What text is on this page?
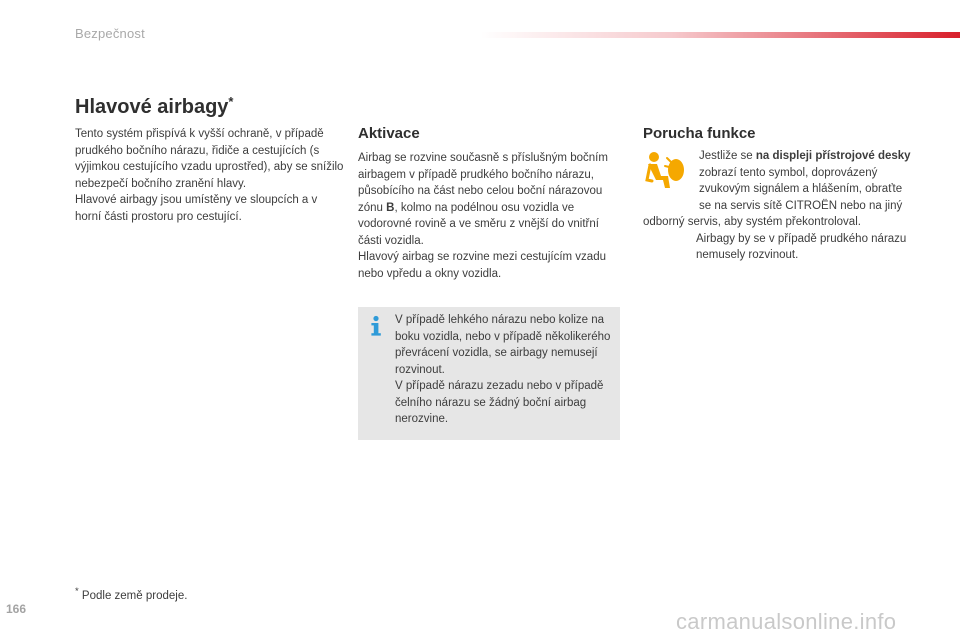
Bezpečnost
Hlavové airbagy*

Tento systém přispívá k vyšší ochraně, v případě prudkého bočního nárazu, řidiče a cestujících (s výjimkou cestujícího vzadu uprostřed), aby se snížilo nebezpečí bočního zranění hlavy.

Hlavové airbagy jsou umístěny ve sloupcích a v horní části prostoru pro cestující.

Aktivace

Airbag se rozvine současně s příslušným bočním airbagem v případě prudkého bočního nárazu, působícího na část nebo celou boční nárazovou zónu B, kolmo na podélnou osu vozidla ve vodorovné rovině a ve směru z vnější do vnitřní části vozidla.

Hlavový airbag se rozvine mezi cestujícím vzadu nebo vpředu a okny vozidla.

V případě lehkého nárazu nebo kolize na boku vozidla, nebo v případě několikerého převrácení vozidla, se airbagy nemusejí rozvinout.

V případě nárazu zezadu nebo v případě čelního nárazu se žádný boční airbag nerozvine.

Porucha funkce

Jestliže se na displeji přístrojové desky zobrazí tento symbol, doprovázený zvukovým signálem a hlášením, obraťte se na servis sítě CITROËN nebo na jiný odborný servis, aby systém překontroloval.

Airbagy by se v případě prudkého nárazu nemusely rozvinout.

* Podle země prodeje.
166	carmanualsonline.info
